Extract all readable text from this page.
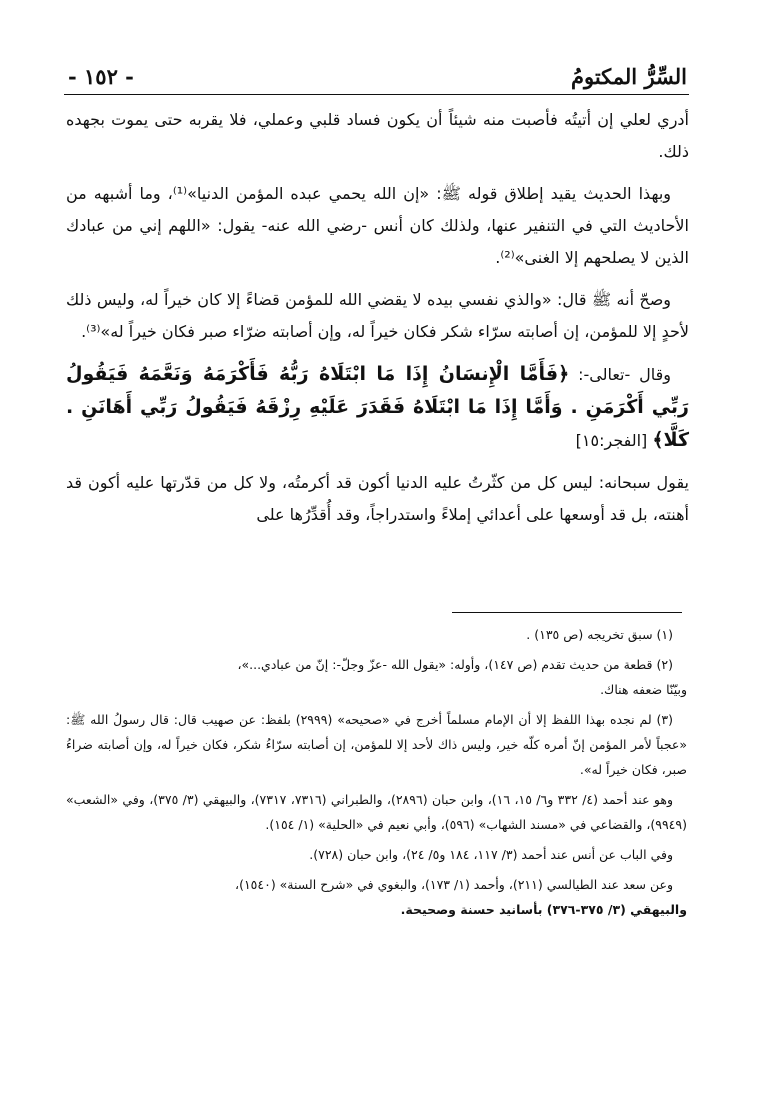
السِّرُّ المكتومُ
- ١٥٢ -

أدري لعلي إن أتيتُه فأصبت منه شيئاً أن يكون فساد قلبي وعملي، فلا يقربه حتى يموت بجهده ذلك.

وبهذا الحديث يقيد إطلاق قوله ﷺ: «إن الله يحمي عبده المؤمن الدنيا»⁽¹⁾، وما أشبهه من الأحاديث التي في التنفير عنها، ولذلك كان أنس -رضي الله عنه- يقول: «اللهم إني من عبادك الذين لا يصلحهم إلا الغنى»⁽²⁾.

وصحّ أنه ﷺ قال: «والذي نفسي بيده لا يقضي الله للمؤمن قضاءً إلا كان خيراً له، وليس ذلك لأحدٍ إلا للمؤمن، إن أصابته سرّاء شكر فكان خيراً له، وإن أصابته ضرّاء صبر فكان خيراً له»⁽³⁾.

وقال -تعالى-: ﴿فَأَمَّا الْإِنسَانُ إِذَا مَا ابْتَلَاهُ رَبُّهُ فَأَكْرَمَهُ وَنَعَّمَهُ فَيَقُولُ رَبِّي أَكْرَمَنِ . وَأَمَّا إِذَا مَا ابْتَلَاهُ فَقَدَرَ عَلَيْهِ رِزْقَهُ فَيَقُولُ رَبِّي أَهَانَنِ . كَلَّا﴾ [الفجر:١٥]

يقول سبحانه: ليس كل من كثّرتُ عليه الدنيا أكون قد أكرمتُه، ولا كل من قدّرتها عليه أكون قد أهنته، بل قد أوسعها على أعدائي إملاءً واستدراجاً، وقد أُقدِّرُها على

(١) سبق تخريجه (ص ١٣٥) .

(٢) قطعة من حديث تقدم (ص ١٤٧)، وأوله: «يقول الله -عزّ وجلّ-: إنّ من عبادي...»،

وبيّنّا ضعفه هناك.

(٣) لم نجده بهذا اللفظ إلا أن الإمام مسلماً أخرج في «صحيحه» (٢٩٩٩) بلفظ: عن صهيب قال: قال رسولُ الله ﷺ: «عجباً لأمر المؤمن إنّ أمره كلّه خير، وليس ذاك لأحد إلا للمؤمن، إن أصابته سرّاءُ شكر، فكان خيراً له، وإن أصابته ضراءُ صبر، فكان خيراً له».

وهو عند أحمد (٤/ ٣٣٢ و٦/ ١٥، ١٦)، وابن حبان (٢٨٩٦)، والطبراني (٧٣١٦، ٧٣١٧)، والبيهقي (٣/ ٣٧٥)، وفي «الشعب» (٩٩٤٩)، والقضاعي في «مسند الشهاب» (٥٩٦)، وأبي نعيم في «الحلية» (١/ ١٥٤).

وفي الباب عن أنس عند أحمد (٣/ ١١٧، ١٨٤ و٥/ ٢٤)، وابن حبان (٧٢٨).

وعن سعد عند الطيالسي (٢١١)، وأحمد (١/ ١٧٣)، والبغوي في «شرح السنة» (١٥٤٠)،

والبيهقي (٣/ ٣٧٥-٣٧٦) بأسانيد حسنة وصحيحة.
